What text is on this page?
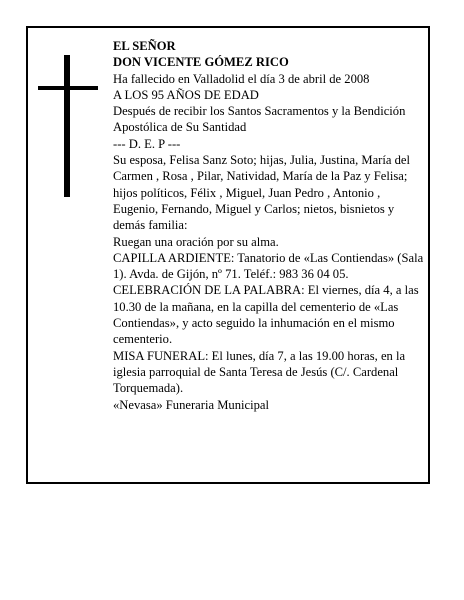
EL SEÑOR

DON VICENTE GÓMEZ RICO

Ha fallecido en Valladolid el día 3 de abril de 2008

A LOS 95 AÑOS DE EDAD

Después de recibir los Santos Sacramentos y la Bendición Apostólica de Su Santidad

--- D. E. P ---

Su esposa, Felisa Sanz Soto; hijas, Julia, Justina, María del Carmen , Rosa , Pilar, Natividad, María de la Paz y Felisa; hijos políticos, Félix , Miguel, Juan Pedro , Antonio , Eugenio, Fernando, Miguel y Carlos; nietos, bisnietos y demás familia:

Ruegan una oración por su alma.

CAPILLA ARDIENTE: Tanatorio de «Las Contiendas» (Sala 1). Avda. de Gijón, nº 71. Teléf.: 983 36 04 05.

CELEBRACIÓN DE LA PALABRA: El viernes, día 4, a las 10.30 de la mañana, en la capilla del cementerio de «Las Contiendas», y acto seguido la inhumación en el mismo cementerio.

MISA FUNERAL: El lunes, día 7, a las 19.00 horas, en la iglesia parroquial de Santa Teresa de Jesús (C/. Cardenal Torquemada).

«Nevasa» Funeraria Municipal
